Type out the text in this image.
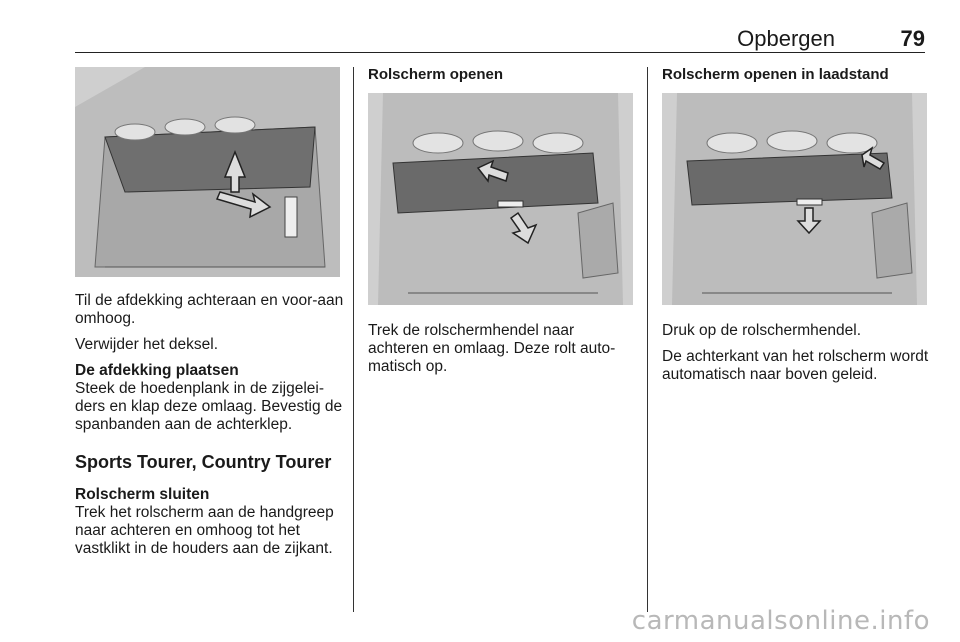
Opbergen	79

Til de afdekking achteraan en voor-aan omhoog.

Verwijder het deksel.

De afdekking plaatsen

Steek de hoedenplank in de zijgelei-ders en klap deze omlaag. Bevestig de spanbanden aan de achterklep.

Sports Tourer, Country Tourer
Rolscherm sluiten

Trek het rolscherm aan de handgreep naar achteren en omhoog tot het vastklikt in de houders aan de zijkant.

Rolscherm openen

Trek de rolschermhendel naar achteren en omlaag. Deze rolt auto-matisch op.

Rolscherm openen in laadstand

Druk op de rolschermhendel.

De achterkant van het rolscherm wordt automatisch naar boven geleid.

carmanualsonline.info
